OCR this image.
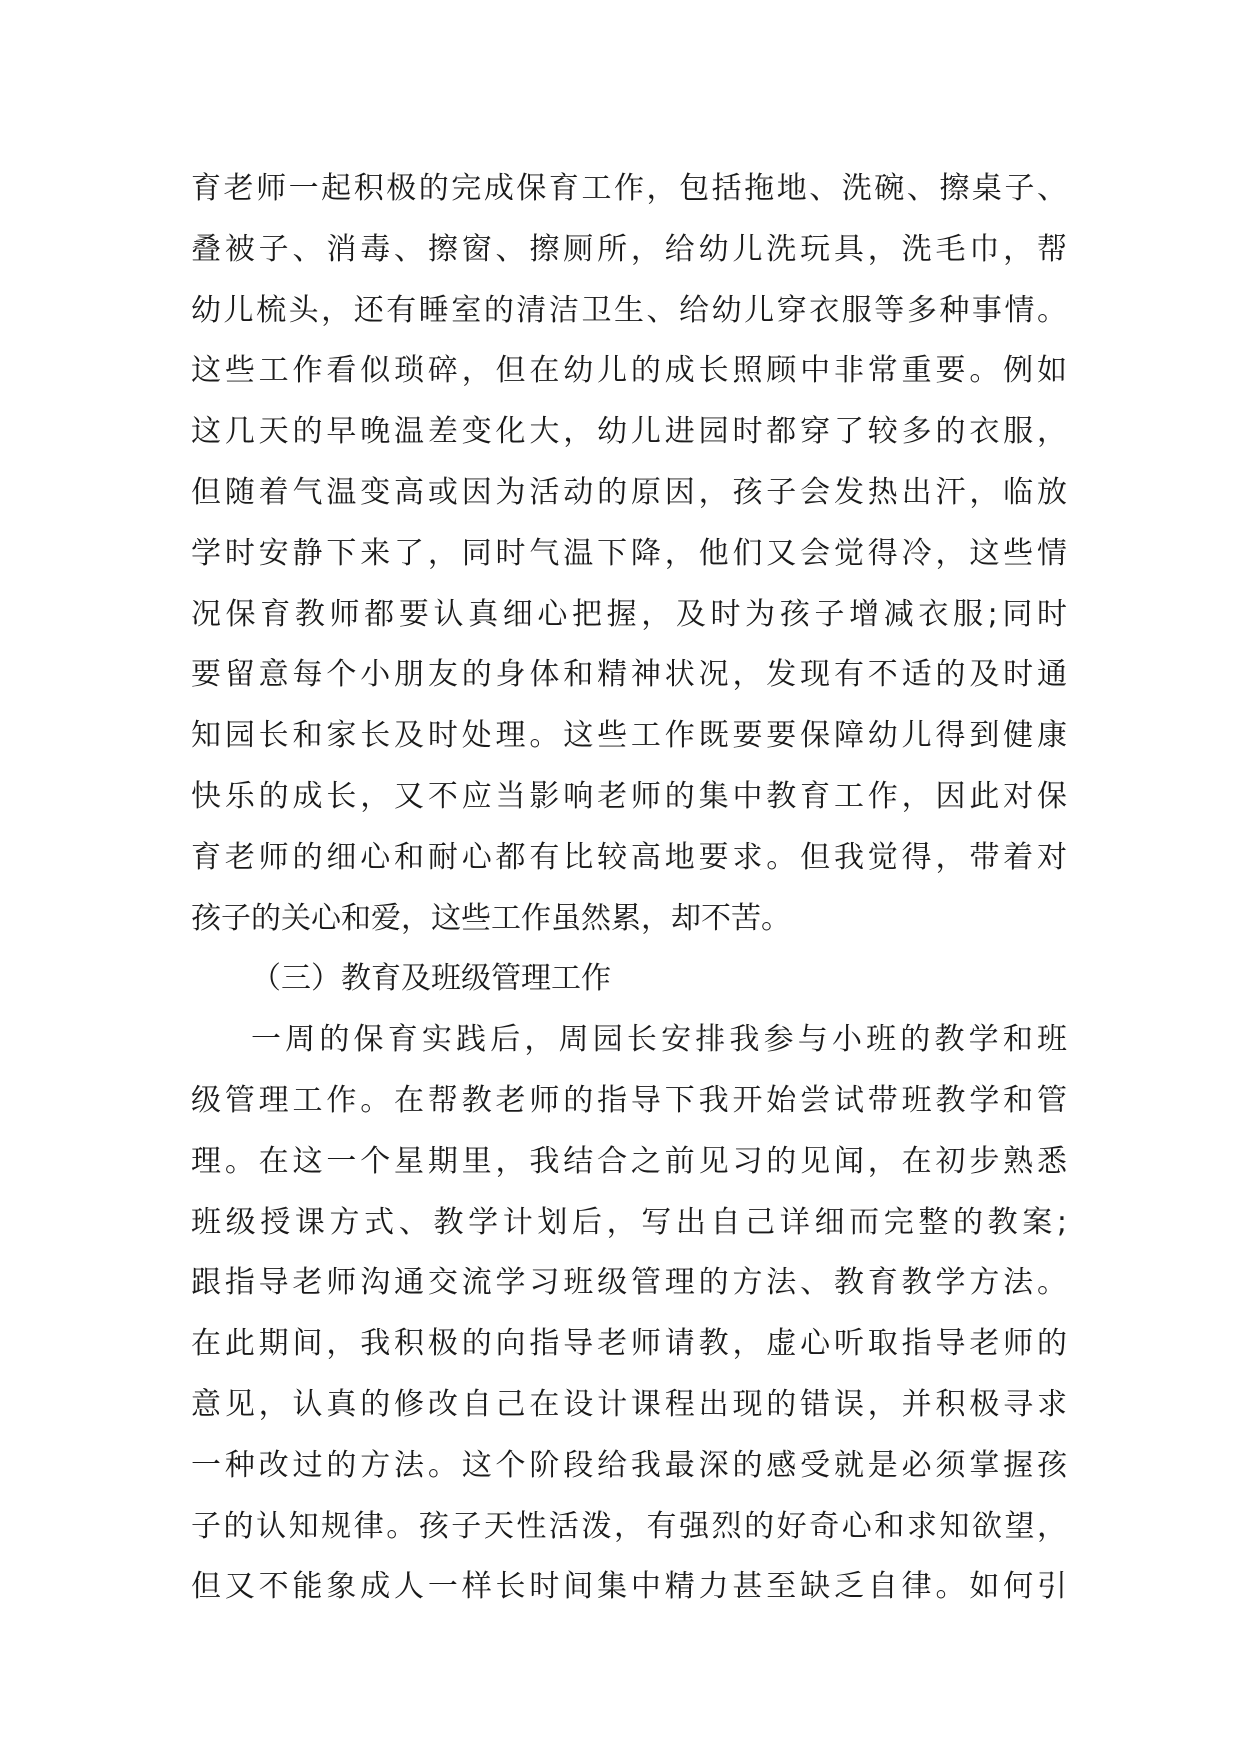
育老师一起积极的完成保育工作，包括拖地、洗碗、擦桌子、
叠被子、消毒、擦窗、擦厕所，给幼儿洗玩具，洗毛巾，帮
幼儿梳头，还有睡室的清洁卫生、给幼儿穿衣服等多种事情。
这些工作看似琐碎，但在幼儿的成长照顾中非常重要。例如
这几天的早晚温差变化大，幼儿进园时都穿了较多的衣服，
但随着气温变高或因为活动的原因，孩子会发热出汗，临放
学时安静下来了，同时气温下降，他们又会觉得冷，这些情
况保育教师都要认真细心把握，及时为孩子增减衣服;同时
要留意每个小朋友的身体和精神状况，发现有不适的及时通
知园长和家长及时处理。这些工作既要要保障幼儿得到健康
快乐的成长，又不应当影响老师的集中教育工作，因此对保
育老师的细心和耐心都有比较高地要求。但我觉得，带着对
孩子的关心和爱，这些工作虽然累，却不苦。
（三）教育及班级管理工作
一周的保育实践后，周园长安排我参与小班的教学和班
级管理工作。在帮教老师的指导下我开始尝试带班教学和管
理。在这一个星期里，我结合之前见习的见闻，在初步熟悉
班级授课方式、教学计划后，写出自己详细而完整的教案;
跟指导老师沟通交流学习班级管理的方法、教育教学方法。
在此期间，我积极的向指导老师请教，虚心听取指导老师的
意见，认真的修改自己在设计课程出现的错误，并积极寻求
一种改过的方法。这个阶段给我最深的感受就是必须掌握孩
子的认知规律。孩子天性活泼，有强烈的好奇心和求知欲望，
但又不能象成人一样长时间集中精力甚至缺乏自律。如何引
